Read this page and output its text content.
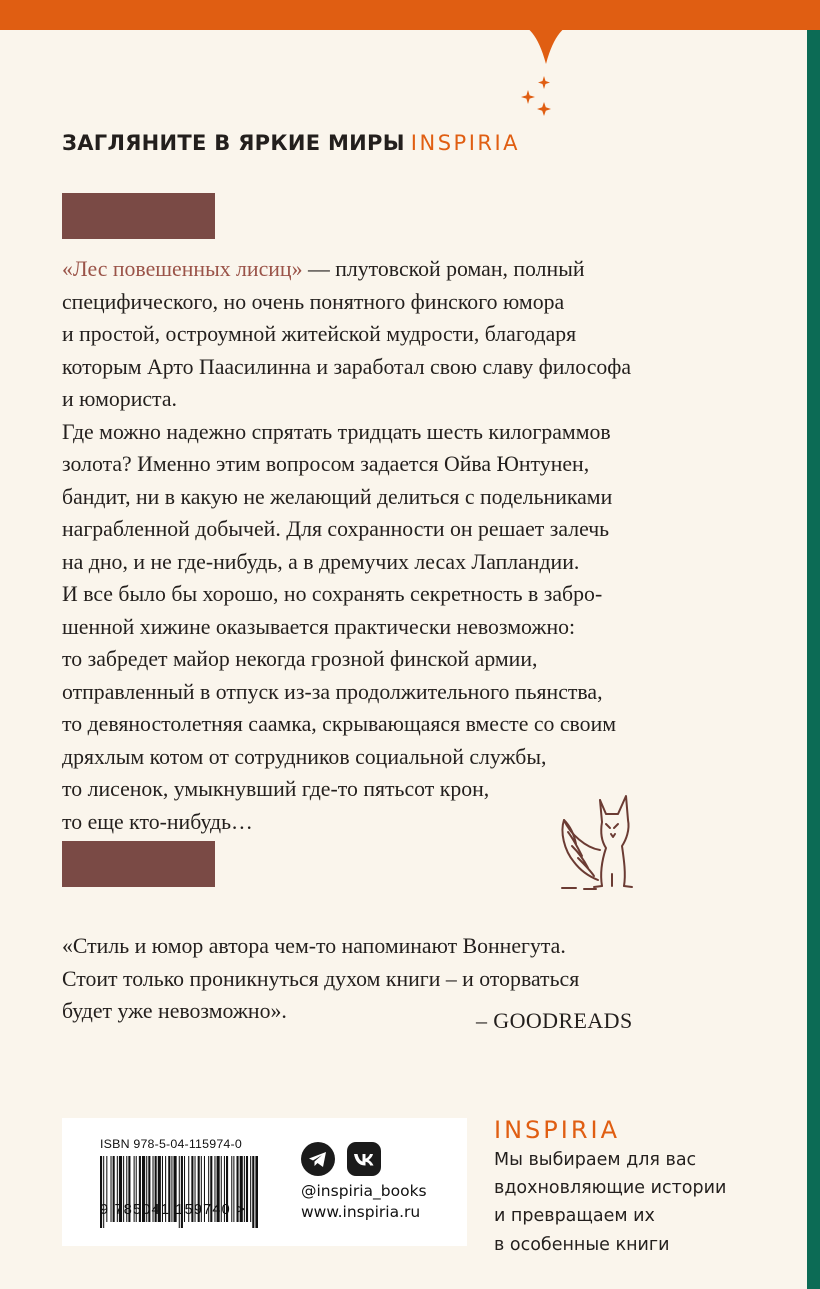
ЗАГЛЯНИТЕ В ЯРКИЕ МИРЫ INSPIRIA
«Лес повешенных лисиц» — плутовской роман, полный
специфического, но очень понятного финского юмора
и простой, остроумной житейской мудрости, благодаря
которым Арто Паасилинна и заработал свою славу философа
и юмориста.
Где можно надежно спрятать тридцать шесть килограммов
золота? Именно этим вопросом задается Ойва Юнтунен,
бандит, ни в какую не желающий делиться с подельниками
награбленной добычей. Для сохранности он решает залечь
на дно, и не где-нибудь, а в дремучих лесах Лапландии.
И все было бы хорошо, но сохранять секретность в забро-
шенной хижине оказывается практически невозможно:
то забредет майор некогда грозной финской армии,
отправленный в отпуск из-за продолжительного пьянства,
то девяностолетняя саамка, скрывающаяся вместе со своим
дряхлым котом от сотрудников социальной службы,
то лисенок, умыкнувший где-то пятьсот крон,
то еще кто-нибудь…
«Стиль и юмор автора чем-то напоминают Воннегута.
Стоит только проникнуться духом книги – и оторваться
будет уже невозможно».	– GOODREADS
ISBN 978-5-04-115974-0
9 785041 159740 >
@inspiria_books
www.inspiria.ru
INSPIRIA
Мы выбираем для вас
вдохновляющие истории
и превращаем их
в особенные книги
